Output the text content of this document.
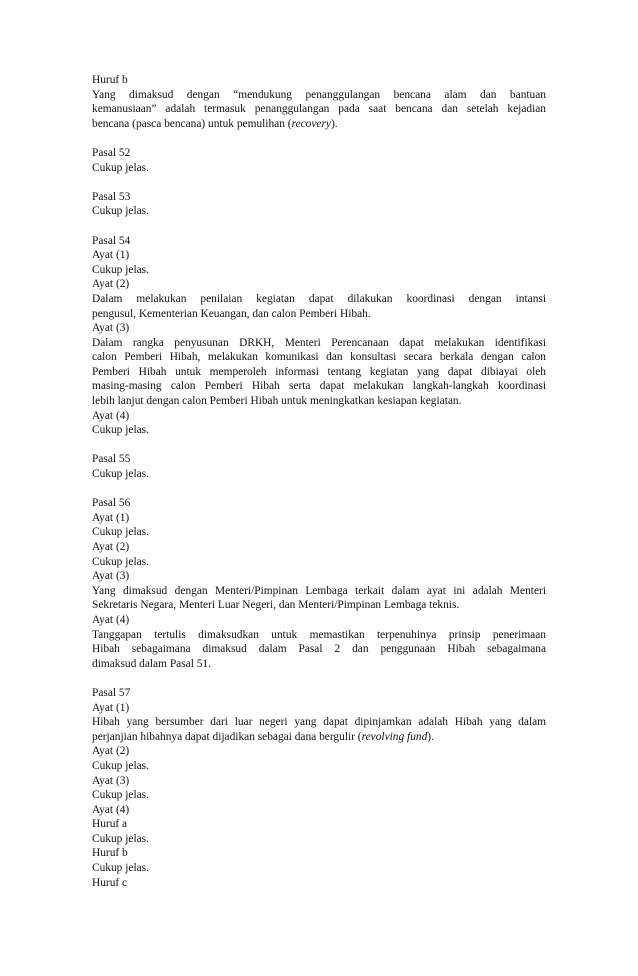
Huruf b
Yang dimaksud dengan “mendukung penanggulangan bencana alam dan bantuan
kemanusiaan” adalah termasuk penanggulangan pada saat bencana dan setelah kejadian
bencana (pasca bencana) untuk pemulihan (recovery).
Pasal 52
Cukup jelas.
Pasal 53
Cukup jelas.
Pasal 54
Ayat (1)
Cukup jelas.
Ayat (2)
Dalam melakukan penilaian kegiatan dapat dilakukan koordinasi dengan intansi
pengusul, Kementerian Keuangan, dan calon Pemberi Hibah.
Ayat (3)
Dalam rangka penyusunan DRKH, Menteri Perencanaan dapat melakukan identifikasi
calon Pemberi Hibah, melakukan komunikasi dan konsultasi secara berkala dengan calon
Pemberi Hibah untuk memperoleh informasi tentang kegiatan yang dapat dibiayai oleh
masing-masing calon Pemberi Hibah serta dapat melakukan langkah-langkah koordinasi
lebih lanjut dengan calon Pemberi Hibah untuk meningkatkan kesiapan kegiatan.
Ayat (4)
Cukup jelas.
Pasal 55
Cukup jelas.
Pasal 56
Ayat (1)
Cukup jelas.
Ayat (2)
Cukup jelas.
Ayat (3)
Yang dimaksud dengan Menteri/Pimpinan Lembaga terkait dalam ayat ini adalah Menteri
Sekretaris Negara, Menteri Luar Negeri, dan Menteri/Pimpinan Lembaga teknis.
Ayat (4)
Tanggapan tertulis dimaksudkan untuk memastikan terpenuhinya prinsip penerimaan
Hibah sebagaimana dimaksud dalam Pasal 2 dan penggunaan Hibah sebagaimana
dimaksud dalam Pasal 51.
Pasal 57
Ayat (1)
Hibah yang bersumber dari luar negeri yang dapat dipinjamkan adalah Hibah yang dalam
perjanjian hibahnya dapat dijadikan sebagai dana bergulir (revolving fund).
Ayat (2)
Cukup jelas.
Ayat (3)
Cukup jelas.
Ayat (4)
Huruf a
Cukup jelas.
Huruf b
Cukup jelas.
Huruf c
